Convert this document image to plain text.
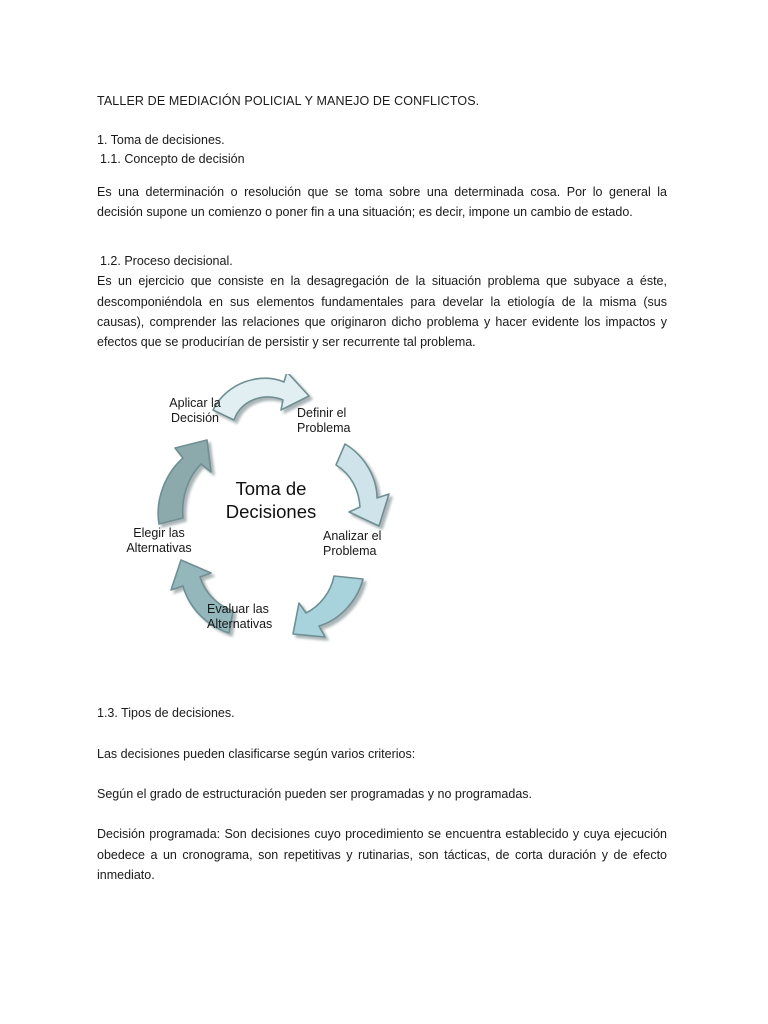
TALLER DE MEDIACIÓN POLICIAL Y MANEJO DE CONFLICTOS.

1. Toma de decisiones.

1.1. Concepto de decisión

Es una determinación o resolución que se toma sobre una determinada cosa. Por lo general la decisión supone un comienzo o poner fin a una situación; es decir, impone un cambio de estado.

1.2. Proceso decisional.

Es un ejercicio que consiste en la desagregación de la situación problema que subyace a éste, descomponiéndola en sus elementos fundamentales para develar la etiología de la misma (sus causas), comprender las relaciones que originaron dicho problema y hacer evidente los impactos y efectos que se producirían de persistir y ser recurrente tal problema.

Toma de
Decisiones
Aplicar la
Decisión	Definir el
Problema
Analizar el
Problema
Evaluar las
Alternativas
Elegir las
Alternativas

1.3. Tipos de decisiones.

Las decisiones pueden clasificarse según varios criterios:

Según el grado de estructuración pueden ser programadas y no programadas.

Decisión programada: Son decisiones cuyo procedimiento se encuentra establecido y cuya ejecución obedece a un cronograma, son repetitivas y rutinarias, son tácticas, de corta duración y de efecto inmediato.
